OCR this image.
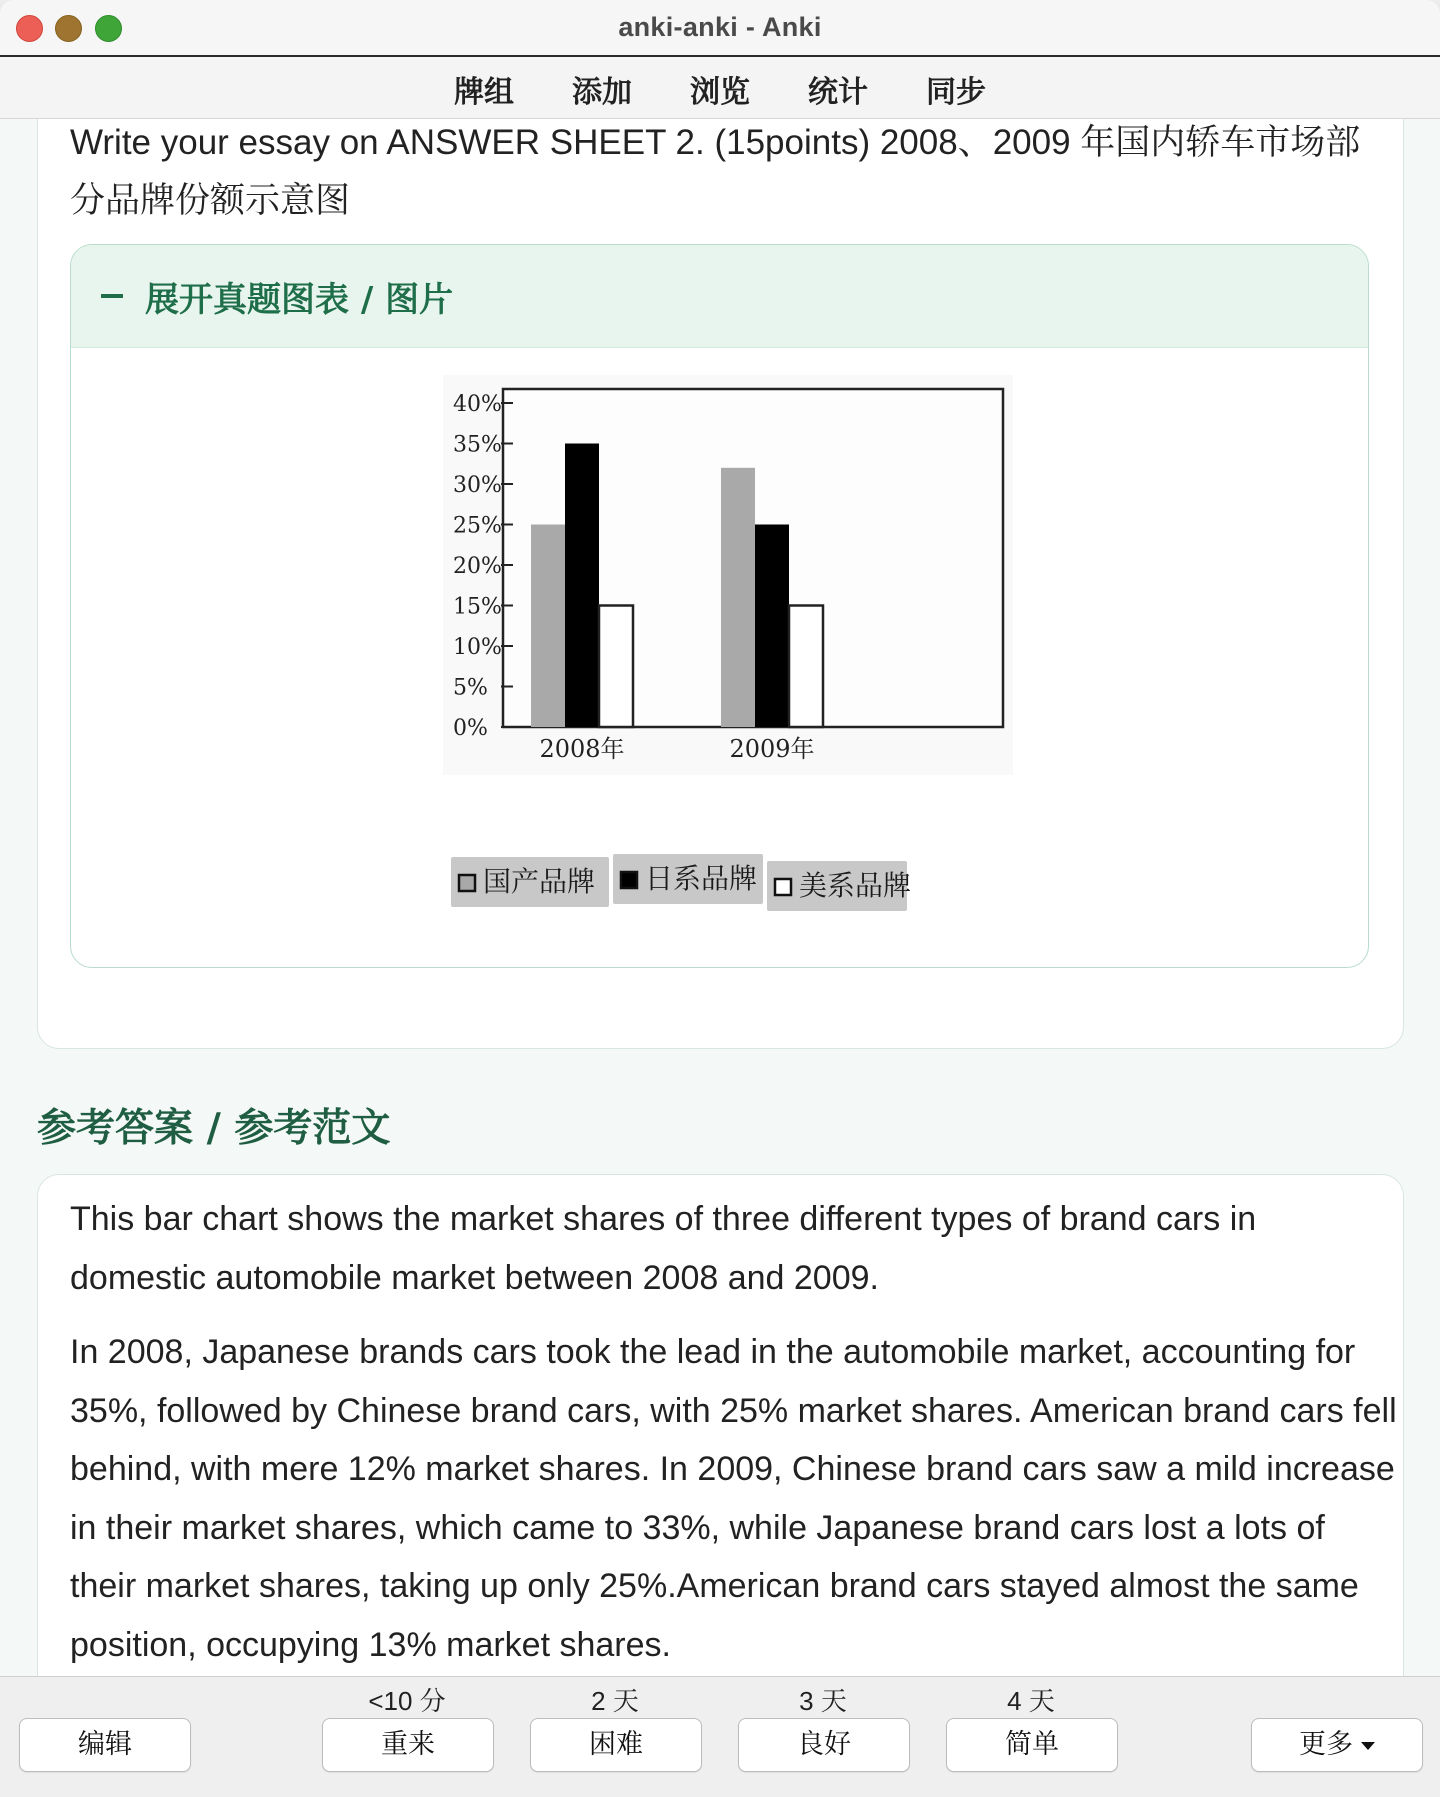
anki-anki - Anki
牌组	添加	浏览	统计	同步
Write your essay on ANSWER SHEET 2. (15points) 2008、2009 年国内轿车市场部分品牌份额示意图
展开真题图表 / 图片
0%
5%
10%
15%
20%
25%
30%
35%
40%
2008年	2009年
国产品牌 日系品牌 美系品牌
参考答案 / 参考范文

This bar chart shows the market shares of three different types of brand cars in domestic automobile market between 2008 and 2009.

In 2008, Japanese brands cars took the lead in the automobile market, accounting for 35%, followed by Chinese brand cars, with 25% market shares. American brand cars fell behind, with mere 12% market shares. In 2009, Chinese brand cars saw a mild increase in their market shares, which came to 33%, while Japanese brand cars lost a lots of their market shares, taking up only 25%.American brand cars stayed almost the same position, occupying 13% market shares.

编辑
<10 分
重来
2 天
困难
3 天
良好
4 天
简单	更多
